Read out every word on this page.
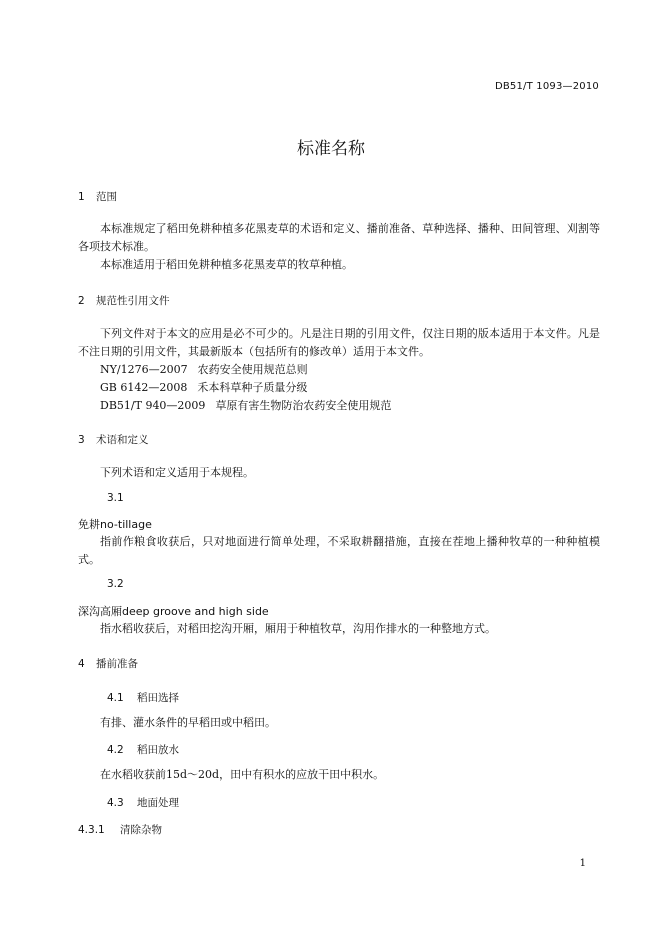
DB51/T 1093—2010
标准名称
1 范围
本标准规定了稻田免耕种植多花黑麦草的术语和定义、播前准备、草种选择、播种、田间管理、刈割等各项技术标准。
本标准适用于稻田免耕种植多花黑麦草的牧草种植。
2 规范性引用文件
下列文件对于本文的应用是必不可少的。凡是注日期的引用文件，仅注日期的版本适用于本文件。凡是不注日期的引用文件，其最新版本（包括所有的修改单）适用于本文件。
NY/1276—2007 农药安全使用规范总则
GB 6142—2008 禾本科草种子质量分级
DB51/T 940—2009 草原有害生物防治农药安全使用规范
3 术语和定义
下列术语和定义适用于本规程。
3.1
免耕no-tillage
指前作粮食收获后，只对地面进行简单处理，不采取耕翻措施，直接在茬地上播种牧草的一种种植模式。
3.2
深沟高厢deep groove and high side
指水稻收获后，对稻田挖沟开厢，厢用于种植牧草，沟用作排水的一种整地方式。
4 播前准备
4.1 稻田选择
有排、灌水条件的早稻田或中稻田。
4.2 稻田放水
在水稻收获前15d～20d，田中有积水的应放干田中积水。
4.3 地面处理
4.3.1 清除杂物
1
